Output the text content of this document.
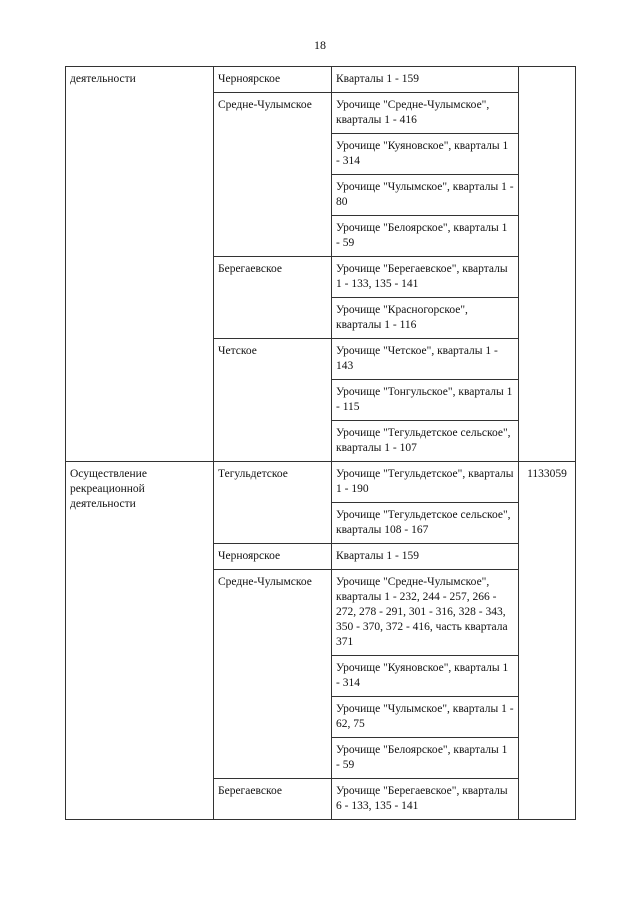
18
деятельности	Черноярское	Кварталы 1 - 159	
	Средне-Чулымское	Урочище "Средне-Чулымское", кварталы 1 - 416	
		Урочище "Куяновское", кварталы 1 - 314	
		Урочище "Чулымское", кварталы 1 - 80	
		Урочище "Белоярское", кварталы 1 - 59	
	Берегаевское	Урочище "Берегаевское", кварталы 1 - 133, 135 - 141	
		Урочище "Красногорское", кварталы 1 - 116	
	Четское	Урочище "Четское", кварталы 1 - 143	
		Урочище "Тонгульское", кварталы 1 - 115	
		Урочище "Тегульдетское сельское", кварталы 1 - 107	
Осуществление рекреационной деятельности	Тегульдетское	Урочище "Тегульдетское", кварталы 1 - 190	1133059
		Урочище "Тегульдетское сельское", кварталы 108 - 167	
	Черноярское	Кварталы 1 - 159	
	Средне-Чулымское	Урочище "Средне-Чулымское", кварталы 1 - 232, 244 - 257, 266 - 272, 278 - 291, 301 - 316, 328 - 343, 350 - 370, 372 - 416, часть квартала 371	
		Урочище "Куяновское", кварталы 1 - 314	
		Урочище "Чулымское", кварталы 1 - 62, 75	
		Урочище "Белоярское", кварталы 1 - 59	
	Берегаевское	Урочище "Берегаевское", кварталы 6 - 133, 135 - 141	
